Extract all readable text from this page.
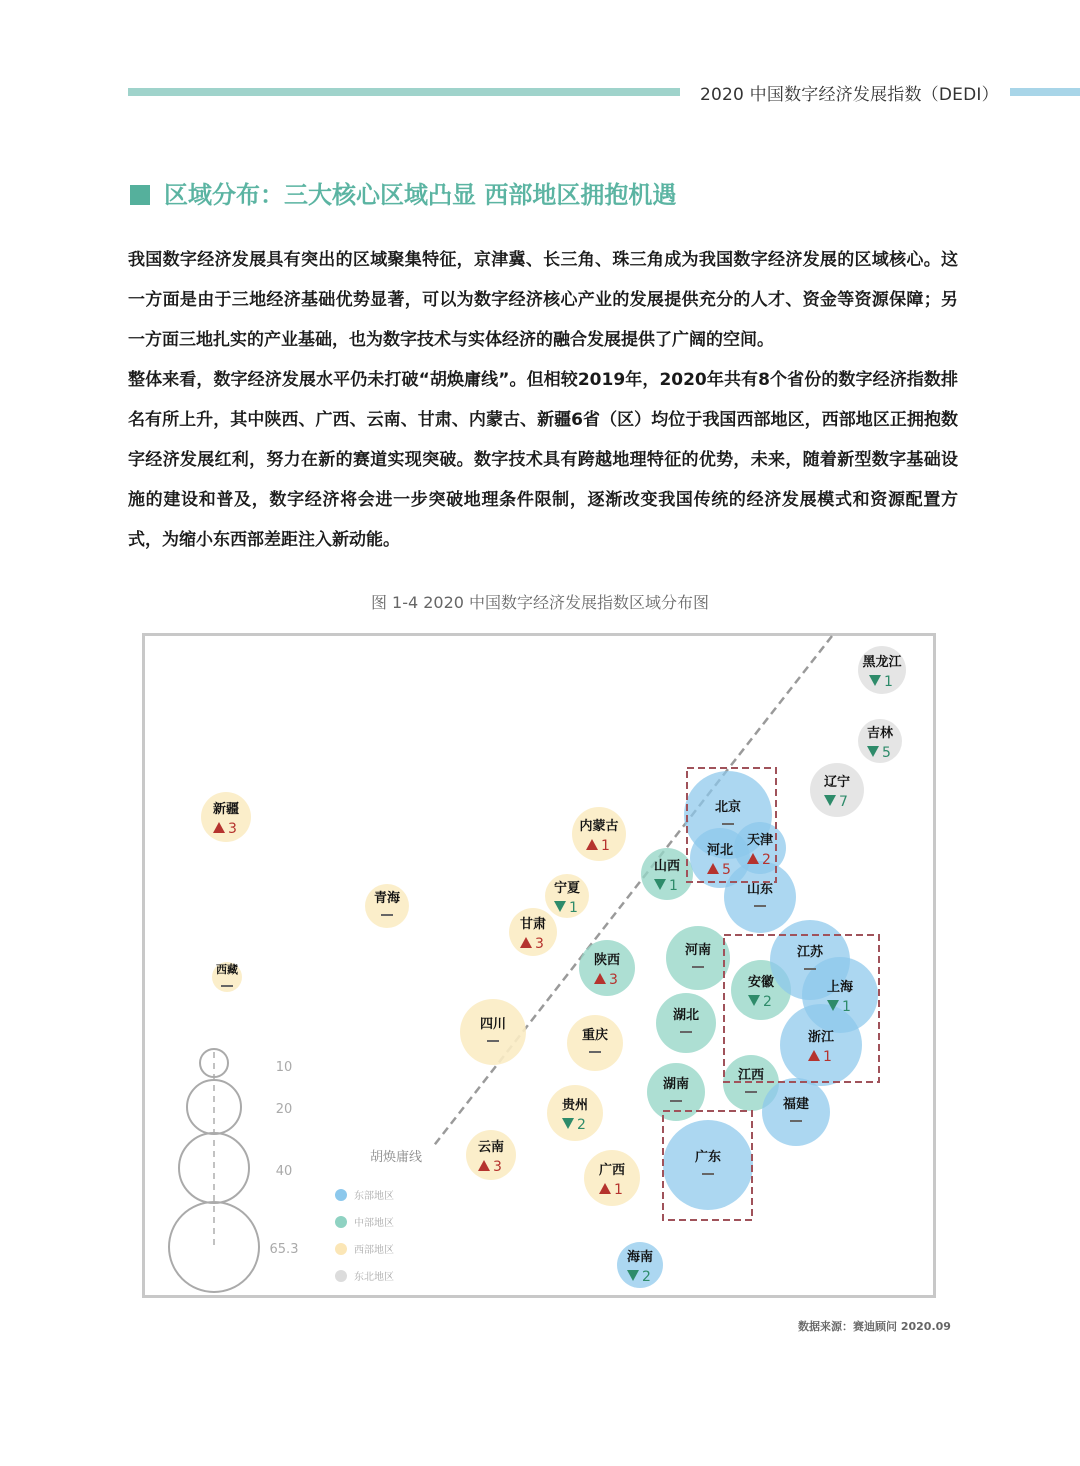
2020 中国数字经济发展指数（DEDI）
区域分布：三大核心区域凸显 西部地区拥抱机遇

我国数字经济发展具有突出的区域聚集特征，京津冀、长三角、珠三角成为我国数字经济发展的区域核心。这一方面是由于三地经济基础优势显著，可以为数字经济核心产业的发展提供充分的人才、资金等资源保障；另一方面三地扎实的产业基础，也为数字技术与实体经济的融合发展提供了广阔的空间。

整体来看，数字经济发展水平仍未打破“胡焕庸线”。但相较2019年，2020年共有8个省份的数字经济指数排名有所上升，其中陕西、广西、云南、甘肃、内蒙古、新疆6省（区）均位于我国西部地区，西部地区正拥抱数字经济发展红利，努力在新的赛道实现突破。数字技术具有跨越地理特征的优势，未来，随着新型数字基础设施的建设和普及，数字经济将会进一步突破地理条件限制，逐渐改变我国传统的经济发展模式和资源配置方式，为缩小东西部差距注入新动能。

图 1-4 2020 中国数字经济发展指数区域分布图
胡焕庸线
新疆
3
青海
西藏
内蒙古
1
宁夏
1
甘肃
3
四川
重庆
贵州
2
云南
3	广西
1
陕西
3
山西
1
河南
湖北
湖南
江西
安徽
2
北京
山东
天津
2
河北
5
江苏
浙江
1
上海
1
福建
广东
海南
2
黑龙江
1
吉林
5
辽宁
7
10
20
40
65.3
东部地区
中部地区
西部地区
东北地区
数据来源：赛迪顾问 2020.09
